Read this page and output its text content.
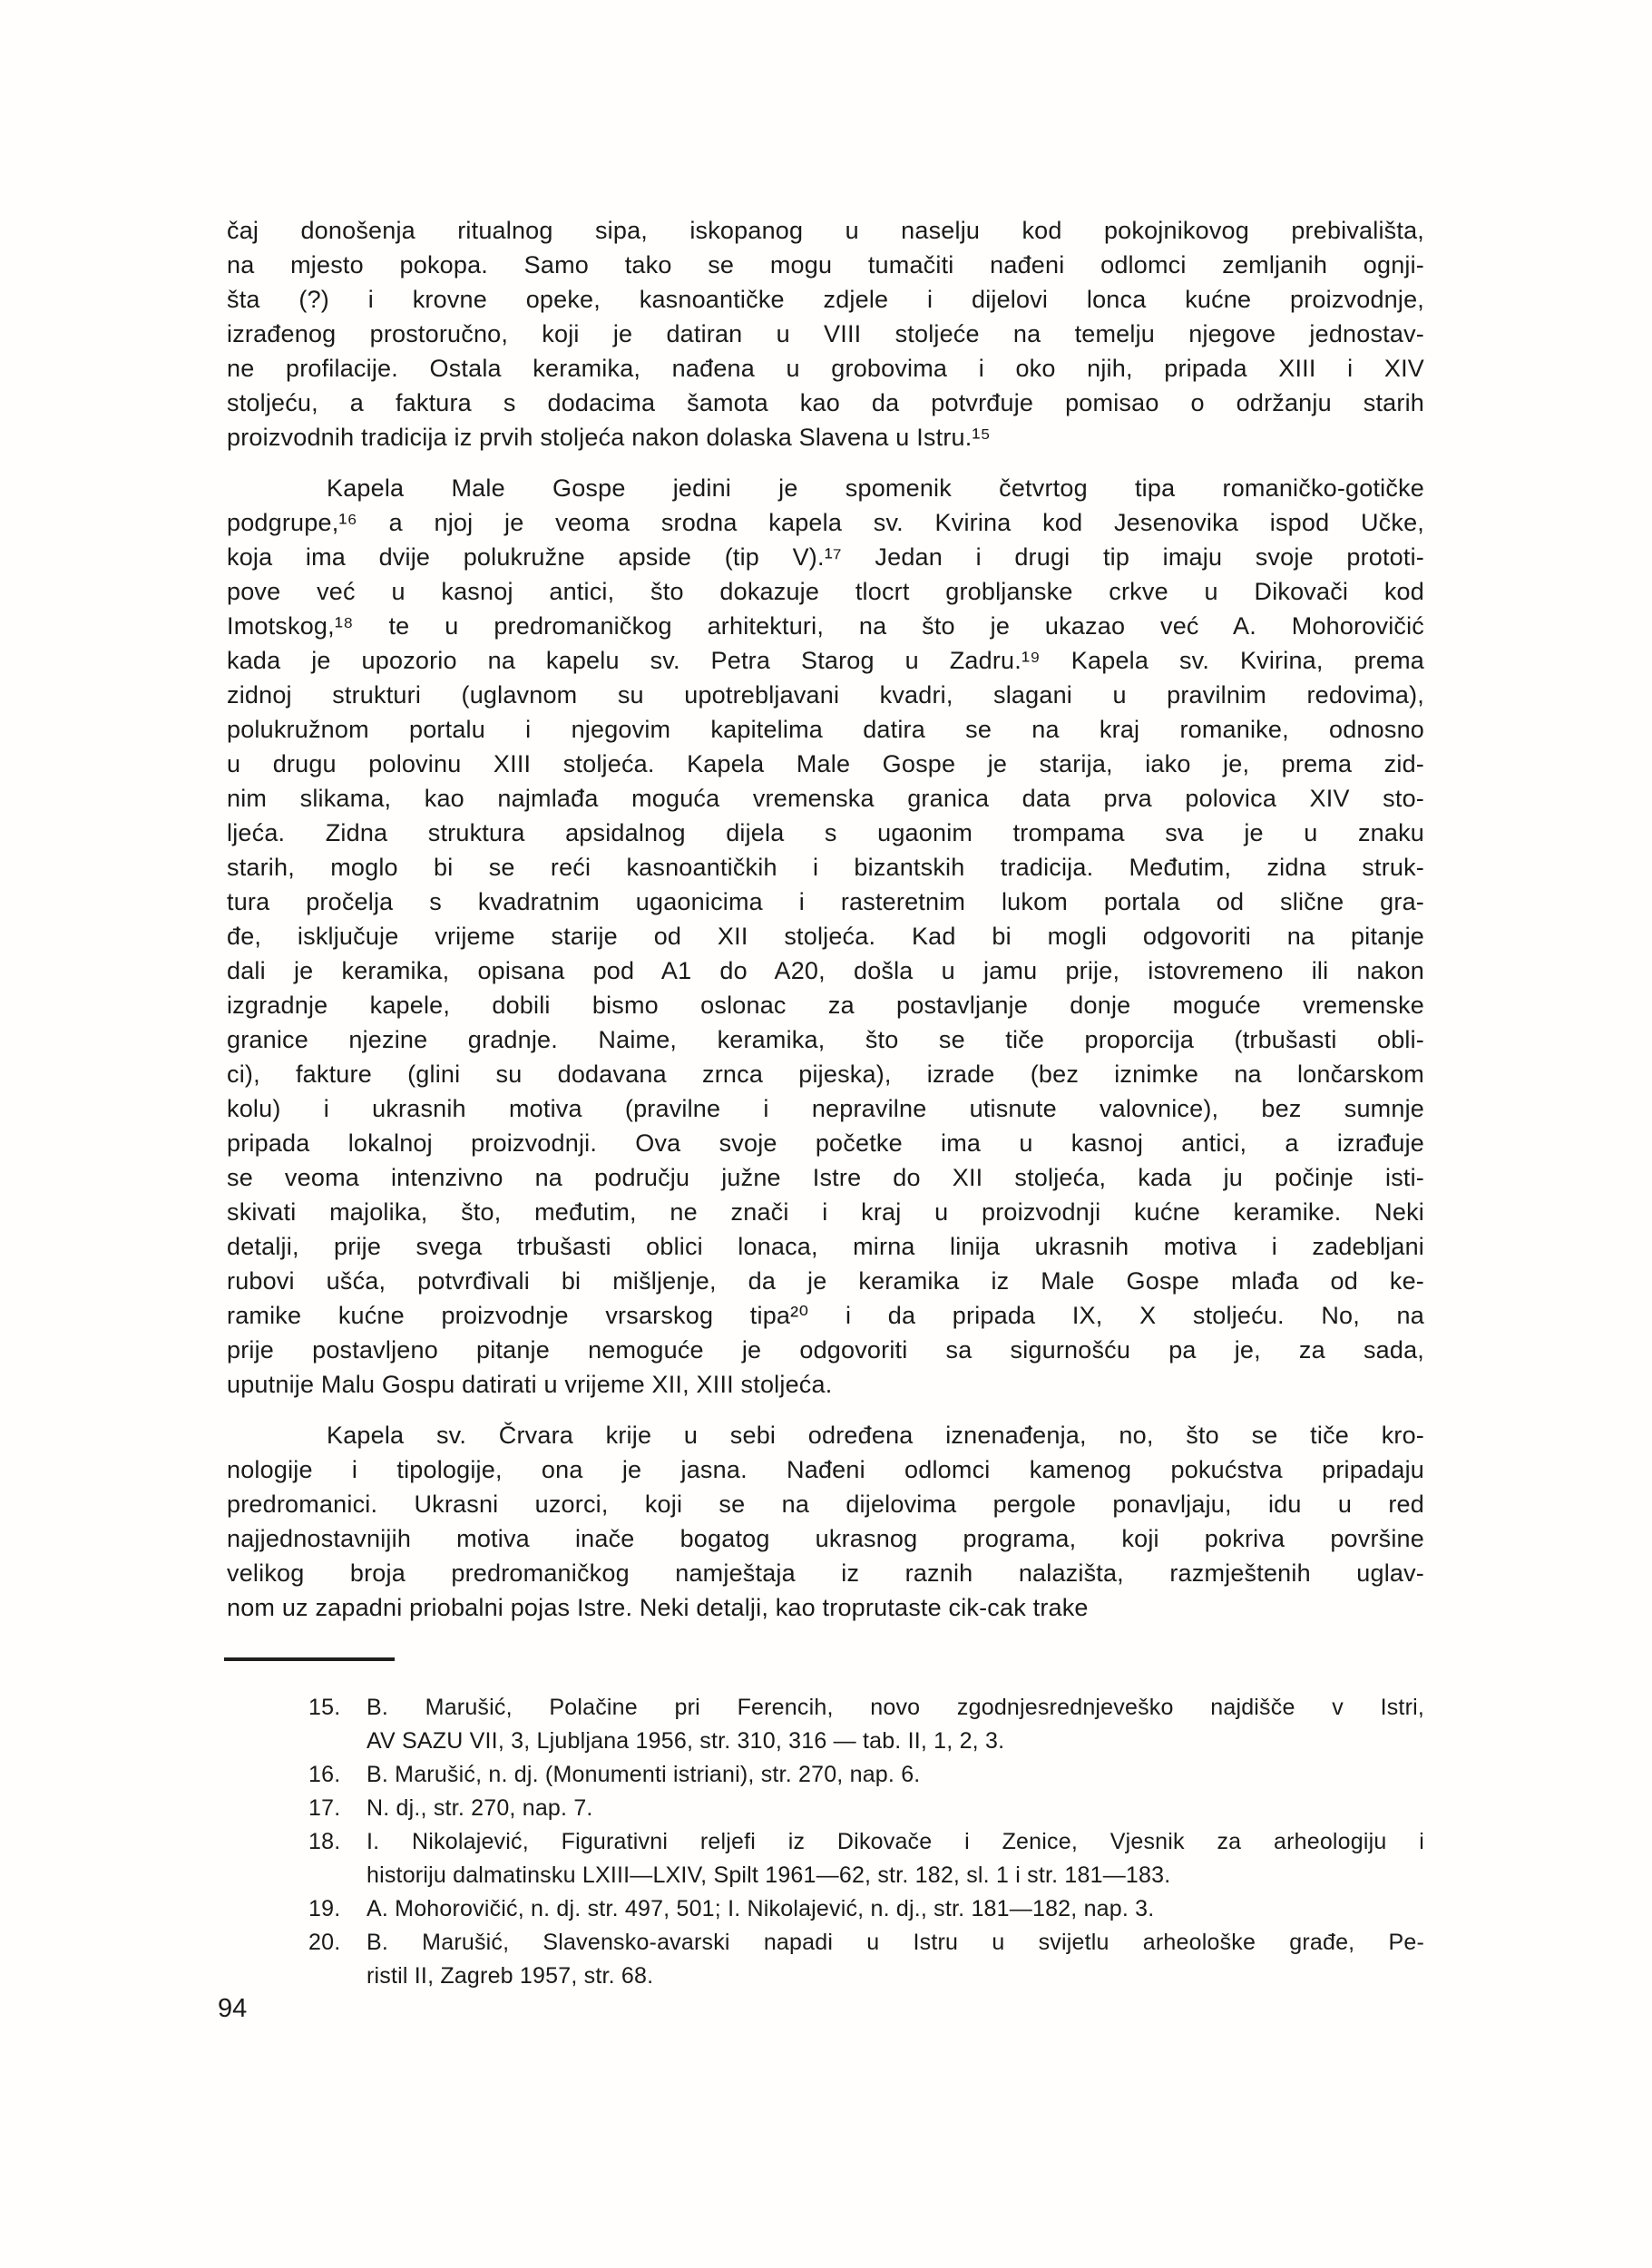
čaj donošenja ritualnog sipa, iskopanog u naselju kod pokojnikovog prebivališta,
na mjesto pokopa. Samo tako se mogu tumačiti nađeni odlomci zemljanih ognji-
šta (?) i krovne opeke, kasnoantičke zdjele i dijelovi lonca kućne proizvodnje,
izrađenog prostoručno, koji je datiran u VIII stoljeće na temelju njegove jednostav-
ne profilacije. Ostala keramika, nađena u grobovima i oko njih, pripada XIII i XIV
stoljeću, a faktura s dodacima šamota kao da potvrđuje pomisao o održanju starih
proizvodnih tradicija iz prvih stoljeća nakon dolaska Slavena u Istru.¹⁵
Kapela Male Gospe jedini je spomenik četvrtog tipa romaničko-gotičke
podgrupe,¹⁶ a njoj je veoma srodna kapela sv. Kvirina kod Jesenovika ispod Učke,
koja ima dvije polukružne apside (tip V).¹⁷ Jedan i drugi tip imaju svoje prototi-
pove već u kasnoj antici, što dokazuje tlocrt grobljanske crkve u Dikovači kod
Imotskog,¹⁸ te u predromaničkog arhitekturi, na što je ukazao već A. Mohorovičić
kada je upozorio na kapelu sv. Petra Starog u Zadru.¹⁹ Kapela sv. Kvirina, prema
zidnoj strukturi (uglavnom su upotrebljavani kvadri, slagani u pravilnim redovima),
polukružnom portalu i njegovim kapitelima datira se na kraj romanike, odnosno
u drugu polovinu XIII stoljeća. Kapela Male Gospe je starija, iako je, prema zid-
nim slikama, kao najmlađa moguća vremenska granica data prva polovica XIV sto-
ljeća. Zidna struktura apsidalnog dijela s ugaonim trompama sva je u znaku
starih, moglo bi se reći kasnoantičkih i bizantskih tradicija. Međutim, zidna struk-
tura pročelja s kvadratnim ugaonicima i rasteretnim lukom portala od slične gra-
đe, isključuje vrijeme starije od XII stoljeća. Kad bi mogli odgovoriti na pitanje
dali je keramika, opisana pod A1 do A20, došla u jamu prije, istovremeno ili nakon
izgradnje kapele, dobili bismo oslonac za postavljanje donje moguće vremenske
granice njezine gradnje. Naime, keramika, što se tiče proporcija (trbušasti obli-
ci), fakture (glini su dodavana zrnca pijeska), izrade (bez iznimke na lončarskom
kolu) i ukrasnih motiva (pravilne i nepravilne utisnute valovnice), bez sumnje
pripada lokalnoj proizvodnji. Ova svoje početke ima u kasnoj antici, a izrađuje
se veoma intenzivno na području južne Istre do XII stoljeća, kada ju počinje isti-
skivati majolika, što, međutim, ne znači i kraj u proizvodnji kućne keramike. Neki
detalji, prije svega trbušasti oblici lonaca, mirna linija ukrasnih motiva i zadebljani
rubovi ušća, potvrđivali bi mišljenje, da je keramika iz Male Gospe mlađa od ke-
ramike kućne proizvodnje vrsarskog tipa²⁰ i da pripada IX, X stoljeću. No, na
prije postavljeno pitanje nemoguće je odgovoriti sa sigurnošću pa je, za sada,
uputnije Malu Gospu datirati u vrijeme XII, XIII stoljeća.
Kapela sv. Črvara krije u sebi određena iznenađenja, no, što se tiče kro-
nologije i tipologije, ona je jasna. Nađeni odlomci kamenog pokućstva pripadaju
predromanici. Ukrasni uzorci, koji se na dijelovima pergole ponavljaju, idu u red
najjednostavnijih motiva inače bogatog ukrasnog programa, koji pokriva površine
velikog broja predromaničkog namještaja iz raznih nalazišta, razmještenih uglav-
nom uz zapadni priobalni pojas Istre. Neki detalji, kao troprutaste cik-cak trake
15.	B. Marušić, Polačine pri Ferencih, novo zgodnjesrednjeveško najdišče v Istri,
AV SAZU VII, 3, Ljubljana 1956, str. 310, 316 — tab. II, 1, 2, 3.
16.	B. Marušić, n. dj. (Monumenti istriani), str. 270, nap. 6.
17.	N. dj., str. 270, nap. 7.
18.	I. Nikolajević, Figurativni reljefi iz Dikovače i Zenice, Vjesnik za arheologiju i
historiju dalmatinsku LXIII—LXIV, Spilt 1961—62, str. 182, sl. 1 i str. 181—183.
19.	A. Mohorovičić, n. dj. str. 497, 501; I. Nikolajević, n. dj., str. 181—182, nap. 3.
20.	B. Marušić, Slavensko-avarski napadi u Istru u svijetlu arheološke građe, Pe-
ristil II, Zagreb 1957, str. 68.
94
